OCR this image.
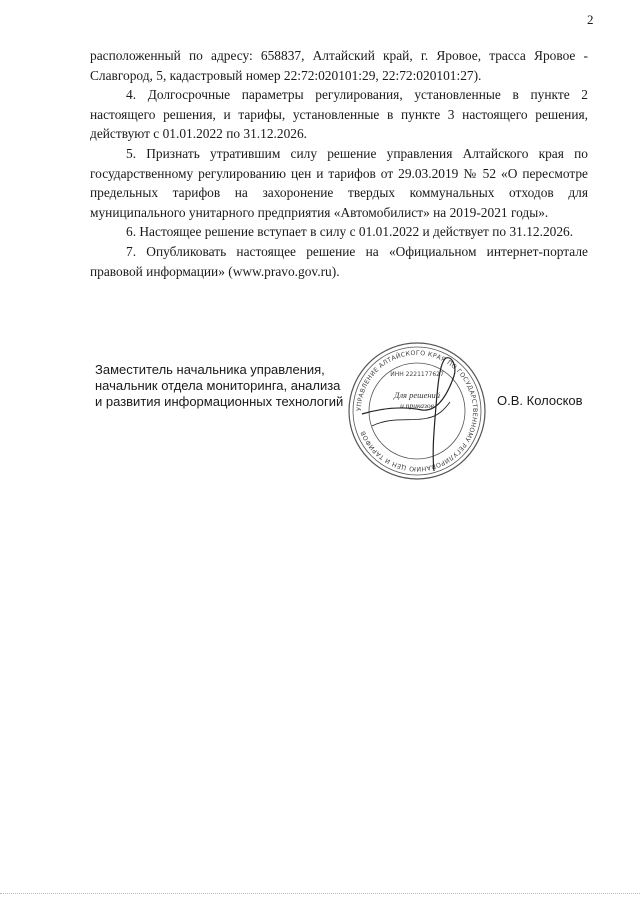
2

расположенный по адресу: 658837, Алтайский край, г. Яровое, трасса Яровое - Славгород, 5, кадастровый номер 22:72:020101:29, 22:72:020101:27).

4. Долгосрочные параметры регулирования, установленные в пункте 2 настоящего решения, и тарифы, установленные в пункте 3 настоящего решения, действуют с 01.01.2022 по 31.12.2026.

5. Признать утратившим силу решение управления Алтайского края по государственному регулированию цен и тарифов от 29.03.2019 № 52 «О пересмотре предельных тарифов на захоронение твердых коммунальных отходов для муниципального унитарного предприятия «Автомобилист» на 2019-2021 годы».

6. Настоящее решение вступает в силу с 01.01.2022 и действует по 31.12.2026.

7. Опубликовать настоящее решение на «Официальном интернет-портале правовой информации» (www.pravo.gov.ru).

Заместитель начальника управления,
начальник отдела мониторинга, анализа
и развития информационных технологий УПРАВЛЕНИЕ АЛТАЙСКОГО КРАЯ ПО ГОСУДАРСТВЕННОМУ РЕГУЛИРОВАНИЮ ЦЕН И ТАРИФОВ
ИНН 2221177627
Для решений
и приказов	О.В. Колосков
